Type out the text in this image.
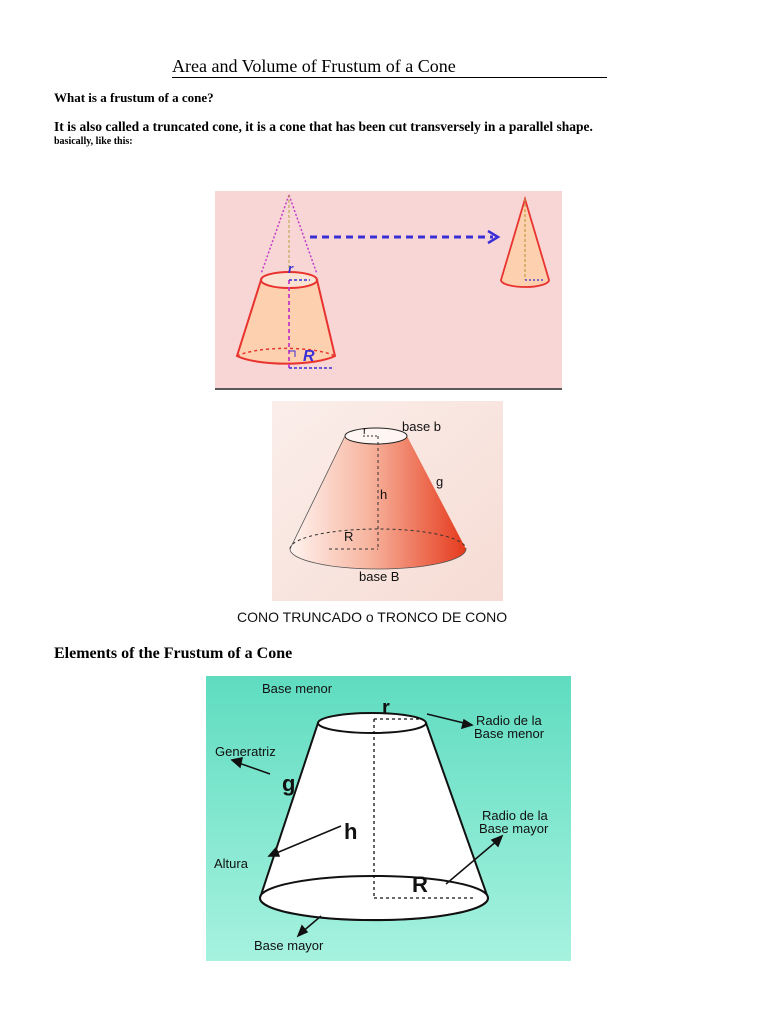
Area and Volume of Frustum of a Cone
What is a frustum of a cone?
It is also called a truncated cone, it is a cone that has been cut transversely in a parallel shape.
basically, like this:
r
R
r	base b
h
g
R
base B
CONO TRUNCADO o TRONCO DE CONO
Elements of the Frustum of a Cone
Base menor
Generatriz
Altura
Base mayor
Radio de la
Base menor
Radio de la
Base mayor
r
g
h
R
